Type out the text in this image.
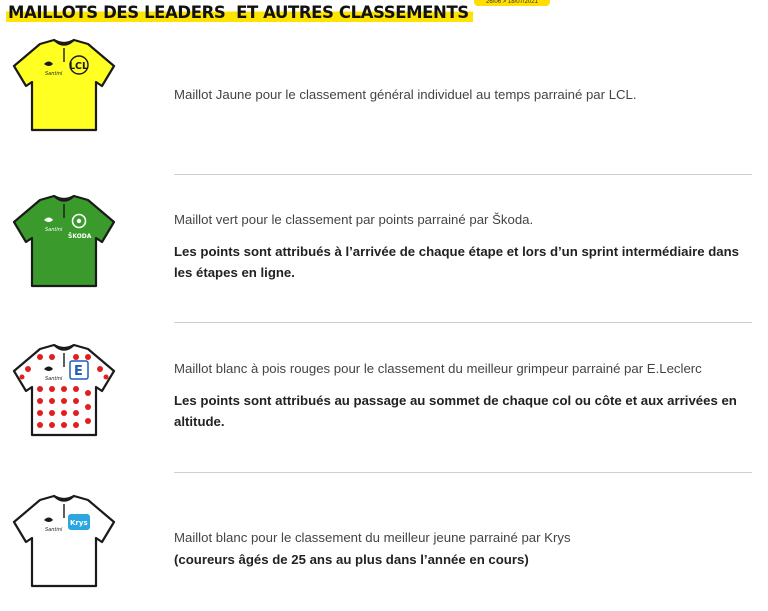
26/06 > 18/07/2021
MAILLOTS DES LEADERS  ET AUTRES CLASSEMENTS
Santini
LCL

Maillot Jaune pour le classement général individuel au temps parrainé par LCL.

Santini
ŠKODA

Maillot vert pour le classement par points parrainé par Škoda.

Les points sont attribués à l’arrivée de chaque étape et lors d’un sprint intermédiaire dans les étapes en ligne.

Santini E	Maillot blanc à pois rouges pour le classement du meilleur grimpeur parrainé par E.Leclerc

Les points sont attribués au passage au sommet de chaque col ou côte et aux arrivées en altitude.

Santini
Krys

Maillot blanc pour le classement du meilleur jeune parrainé par Krys

(coureurs âgés de 25 ans au plus dans l’année en cours)
